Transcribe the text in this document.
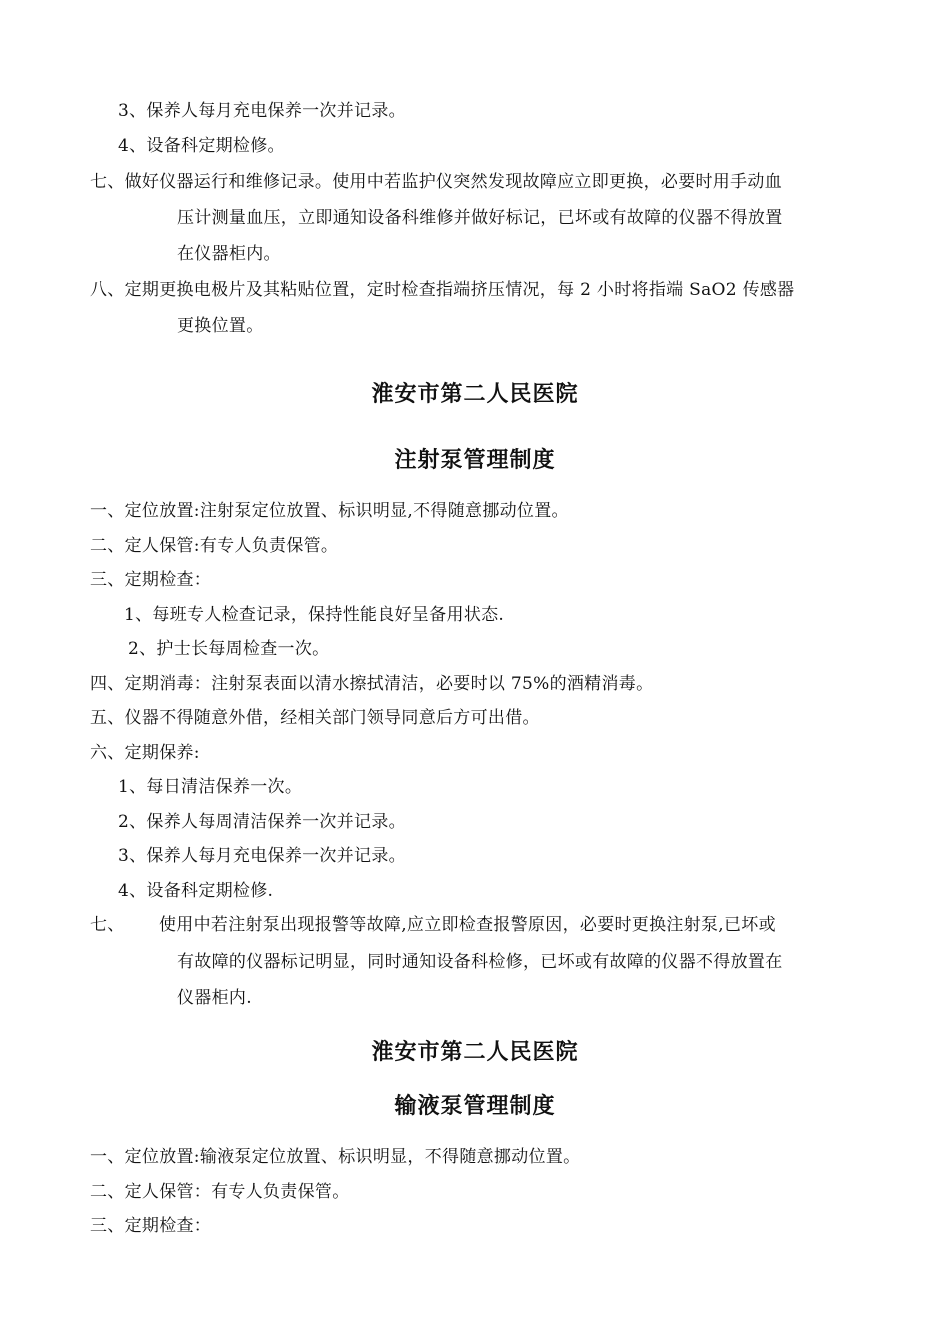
3、保养人每月充电保养一次并记录。
4、设备科定期检修。
七、做好仪器运行和维修记录。使用中若监护仪突然发现故障应立即更换，必要时用手动血
压计测量血压，立即通知设备科维修并做好标记，已坏或有故障的仪器不得放置
在仪器柜内。
八、定期更换电极片及其粘贴位置，定时检查指端挤压情况，每 2 小时将指端 SaO2 传感器
更换位置。
淮安市第二人民医院
注射泵管理制度
一、定位放置:注射泵定位放置、标识明显,不得随意挪动位置。
二、定人保管:有专人负责保管。
三、定期检查：
1、每班专人检查记录，保持性能良好呈备用状态.
2、护士长每周检查一次。
四、定期消毒：注射泵表面以清水擦拭清洁，必要时以 75%的酒精消毒。
五、仪器不得随意外借，经相关部门领导同意后方可出借。
六、定期保养:
1、每日清洁保养一次。
2、保养人每周清洁保养一次并记录。
3、保养人每月充电保养一次并记录。
4、设备科定期检修.
七、 使用中若注射泵出现报警等故障,应立即检查报警原因，必要时更换注射泵,已坏或
有故障的仪器标记明显，同时通知设备科检修，已坏或有故障的仪器不得放置在
仪器柜内.
淮安市第二人民医院
输液泵管理制度
一、定位放置:输液泵定位放置、标识明显，不得随意挪动位置。
二、定人保管：有专人负责保管。
三、定期检查：
